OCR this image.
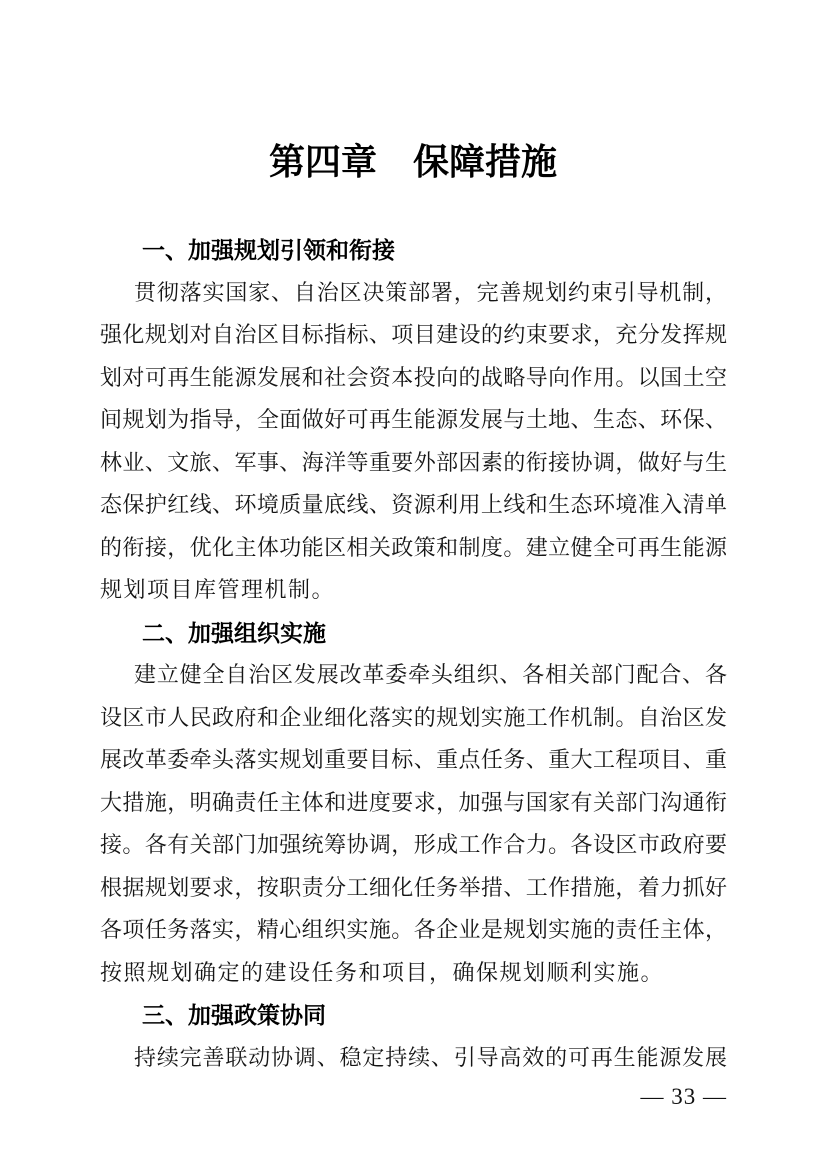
第四章　保障措施
一、加强规划引领和衔接
贯彻落实国家、自治区决策部署，完善规划约束引导机制，
强化规划对自治区目标指标、项目建设的约束要求，充分发挥规
划对可再生能源发展和社会资本投向的战略导向作用。以国土空
间规划为指导，全面做好可再生能源发展与土地、生态、环保、
林业、文旅、军事、海洋等重要外部因素的衔接协调，做好与生
态保护红线、环境质量底线、资源利用上线和生态环境准入清单
的衔接，优化主体功能区相关政策和制度。建立健全可再生能源
规划项目库管理机制。
二、加强组织实施
建立健全自治区发展改革委牵头组织、各相关部门配合、各
设区市人民政府和企业细化落实的规划实施工作机制。自治区发
展改革委牵头落实规划重要目标、重点任务、重大工程项目、重
大措施，明确责任主体和进度要求，加强与国家有关部门沟通衔
接。各有关部门加强统筹协调，形成工作合力。各设区市政府要
根据规划要求，按职责分工细化任务举措、工作措施，着力抓好
各项任务落实，精心组织实施。各企业是规划实施的责任主体，
按照规划确定的建设任务和项目，确保规划顺利实施。
三、加强政策协同
持续完善联动协调、稳定持续、引导高效的可再生能源发展
— 33 —
